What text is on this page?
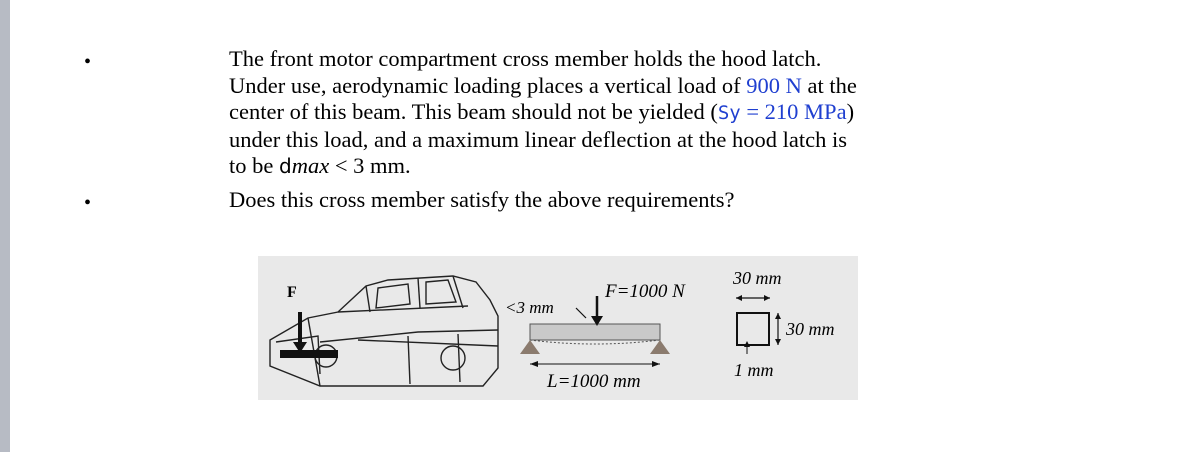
•
•
The front motor compartment cross member holds the hood latch. Under use, aerodynamic loading places a vertical load of 900 N at the center of this beam. This beam should not be yielded (Sy = 210 MPa) under this load, and a maximum linear deflection at the hood latch is to be dmax < 3 mm.
Does this cross member satisfy the above requirements?
F	F=1000 N
<3 mm
L=1000 mm
30 mm
30 mm
1 mm
